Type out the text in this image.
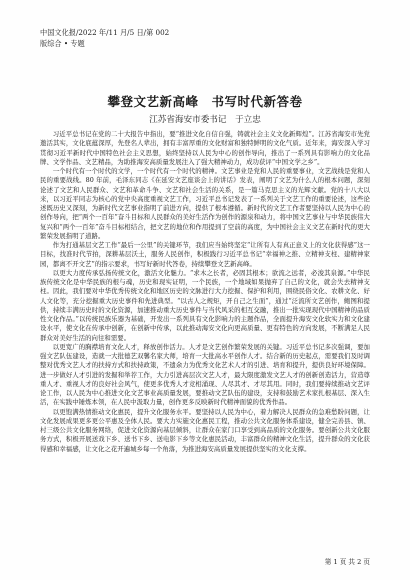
中国文化报/2022 年/11 月/5 日/第 002
版综合 • 专题
攀登文艺新高峰　书写时代新答卷
江苏省海安市委书记　于立忠

习近平总书记在党的二十大报告中指出，要“推进文化自信自强，铸就社会主义文化新辉煌”。江苏省海安市先党邀活其实，文化底蕴深厚，先登名人辈出，拥有丰富厚重的文化财富和独特鲜明的文化气质。近年来，海安深入学习贯彻习近平新时代中国特色社会主义思想，始终坚持以人民为中心的创作导向，推出了一系列具有影响力的文化品牌、文学作品、文艺精品，为助推海安高质量发展注入了强大精神动力，成功获评“中国文学之乡”。

一个时代有一个时代的文学，一个时代有一个时代的精神。文艺事业是党和人民的重要事业，文艺战线是党和人民的重要战线。80 年前，毛泽东同志《在延安文艺座谈会上的讲话》发表，阐明了文艺为什么人的根本问题，深刻论述了文艺和人民群众、文艺和革命斗争、文艺和社会生活的关系，是一篇马克思主义的光辉文献。党的十八大以来，以习近平同志为核心的党中央高度重视文艺工作，习近平总书记发表了一系列关于文艺工作的重要论述，这些论述既历史又深刻，为新时代文艺事业指明了前进方向，提供了根本遵循。新时代的文艺工作者要坚持以人民为中心的创作导向，把“两个一百年”奋斗目标和人民群众的美好生活作为创作的源泉和动力，将中国文艺事业与中华民族伟大复兴和“两个一百年”奋斗目标相结合，把文艺的地位和作用提到了空前的高度，为中国社会主义文艺在新时代的更大繁荣发展指明了道路。

作为打通基层文艺工作“最后一公里”的关键环节，我们应当始终坚定“让所有人有真正意义上的文化获得感”这一目标，找准时代节拍，深耕基层沃土，服务人民创作，积极践行习近平总书记“幸福神之推、立精神支柱、建精神家园，都离不开文艺”的指示要求，书写好新时代答卷，持续攀登文艺新高峰。

以更大力度传承弘扬传统文化，激活文化魅力。“求木之长者，必固其根本；欲流之远者，必浚其泉源。”中华民族传统文化是中华民族的根与魂，历史和现实证明，一个民族，一个地域如果抛弃了自己的文化，就会失去精神支柱。因此，我们要对中华优秀传统文化和地区历史的文脉进行大力挖掘、保护和利用，围绕民俗文化、农耕文化、好人文化等，充分挖掘重大历史事件和先进典型。“以古人之规矩，开自己之生面”，通过“泛流所文艺创作，鲍图和提供，持续丰满历史时的文化资源，加速推动重大历史事件与当代风采的相互交融，推出一批实现现代中国精神的品质性文化作品。”以传统民族乐器为基础，开发出一系列具有文化影响力的主题作品，全面提升海安文化软实力和文化建设水平，使文化在传承中创新，在创新中传承，以此推动海安文化向更高质量、更有特色的方向发展，不断满足人民群众对美好生活的向往和需要。

以更宽广的胸襟培育文化人才，释放创作活力。人才是文艺创作繁荣发展的关键。习近平总书记多次强调，要加强文艺队伍建设，造就一大批德艺双馨名家大师，培育一大批高水平创作人才。结合新的历史起点，需要我们及时调整对优秀文艺人才的扶持方式和扶持政策，不遗余力为优秀文化艺术人才的引进、培育和提升，提供良好环境保障。进一步做好人才引进的发掘和举荐工作，大力引进高层次文艺人才，最大限度激发文艺人才的创新创造活力，营造尊重人才、重视人才的良好社会风气，使更多优秀人才竞相涌现、人尽其才、才尽其用。同时，我们要持续推动文艺评论工作，以人民为中心推进文化文艺事业高质量发展，要推动文艺队伍的建设，支持和鼓励艺术家扎根基层、深入生活，在实践中锤炼本领，在人民中汲取力量，创作更多反映新时代精神面貌的优秀作品。

以更饱满热情推动文化惠民，提升文化服务水平。要坚持以人民为中心，着力解决人民群众的急难愁盼问题，让文化发展成果更多更公平惠及全体人民。要大力实施文化惠民工程，推动公共文化服务体系建设，健全完善县、镇、村三级公共文化服务网络，促进文化资源向基层倾斜，让群众在家门口享受到高品质的文化服务。要创新公共文化服务方式，积极开展送戏下乡、送书下乡、送电影下乡等文化惠民活动，丰富群众的精神文化生活，提升群众的文化获得感和幸福感，让文化之花开遍城乡每一个角落，为推进海安高质量发展提供坚实的文化支撑。

第 1 页 共 2 页
